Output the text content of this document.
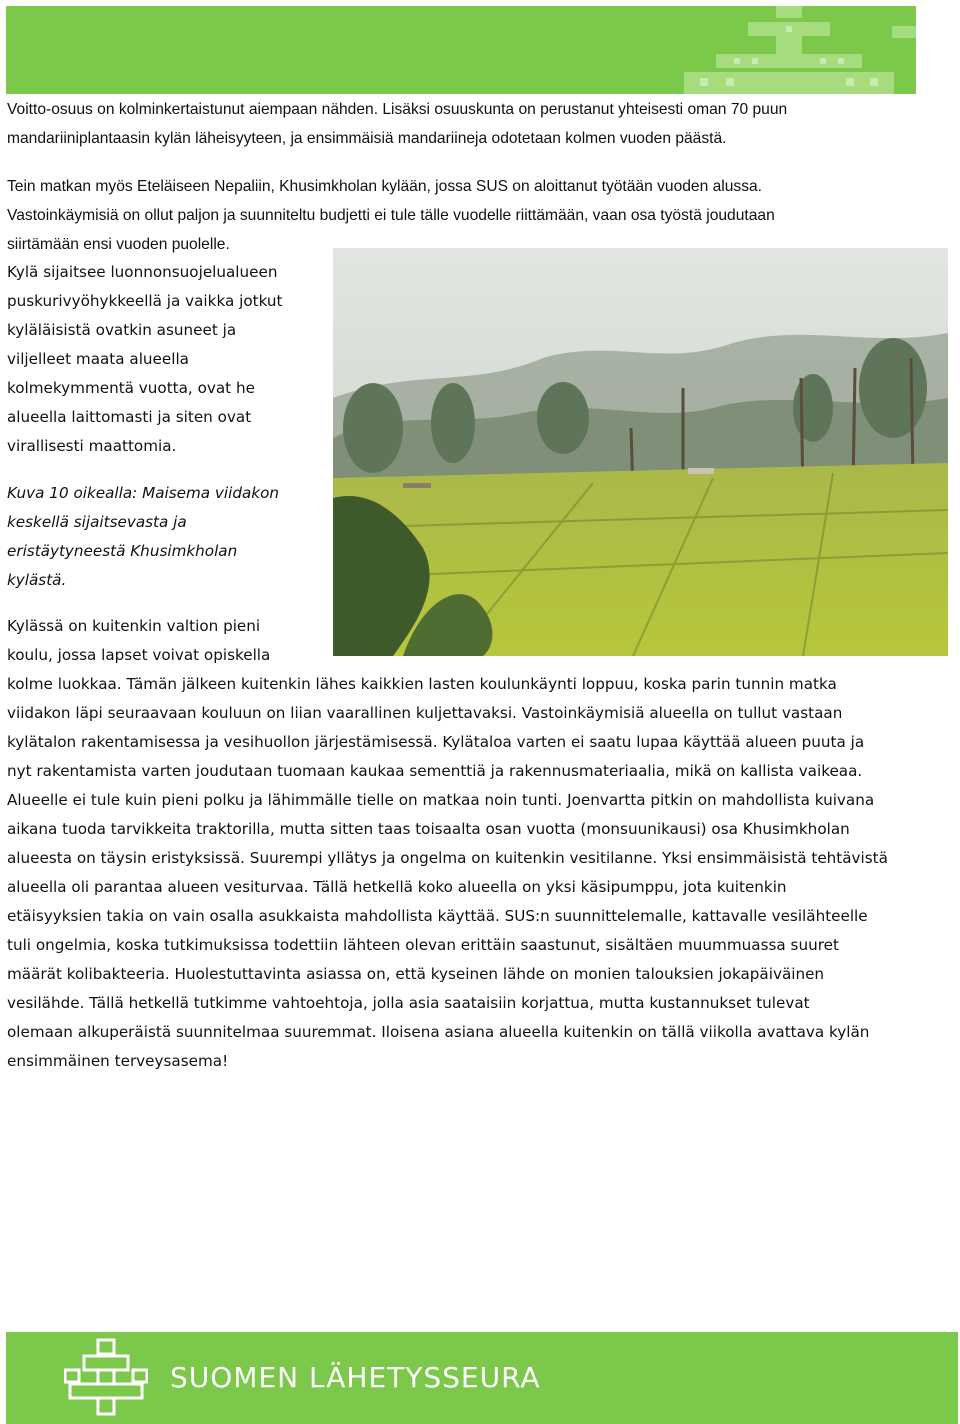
Voitto-osuus on kolminkertaistunut aiempaan nähden. Lisäksi osuuskunta on perustanut yhteisesti oman 70 puun
mandariiniplantaasin kylän läheisyyteen, ja ensimmäisiä mandariineja odotetaan kolmen vuoden päästä.

Tein matkan myös Eteläiseen Nepaliin, Khusimkholan kylään, jossa SUS on aloittanut työtään vuoden alussa.
Vastoinkäymisiä on ollut paljon ja suunniteltu budjetti ei tule tälle vuodelle riittämään, vaan osa työstä joudutaan
siirtämään ensi vuoden puolelle.

Kylä sijaitsee luonnonsuojelualueen
puskurivyöhykkeellä ja vaikka jotkut
kyläläisistä ovatkin asuneet ja
viljelleet maata alueella
kolmekymmentä vuotta, ovat he
alueella laittomasti ja siten ovat
virallisesti maattomia.

Kuva 10 oikealla: Maisema viidakon
keskellä sijaitsevasta ja
eristäytyneestä Khusimkholan
kylästä.

Kylässä on kuitenkin valtion pieni
koulu, jossa lapset voivat opiskella
kolme luokkaa. Tämän jälkeen kuitenkin lähes kaikkien lasten koulunkäynti loppuu, koska parin tunnin matka
viidakon läpi seuraavaan kouluun on liian vaarallinen kuljettavaksi. Vastoinkäymisiä alueella on tullut vastaan
kylätalon rakentamisessa ja vesihuollon järjestämisessä. Kylätaloa varten ei saatu lupaa käyttää alueen puuta ja
nyt rakentamista varten joudutaan tuomaan kaukaa sementtiä ja rakennusmateriaalia, mikä on kallista vaikeaa.
Alueelle ei tule kuin pieni polku ja lähimmälle tielle on matkaa noin tunti. Joenvartta pitkin on mahdollista kuivana
aikana tuoda tarvikkeita traktorilla, mutta sitten taas toisaalta osan vuotta (monsuunikausi) osa Khusimkholan
alueesta on täysin eristyksissä. Suurempi yllätys ja ongelma on kuitenkin vesitilanne. Yksi ensimmäisistä tehtävistä
alueella oli parantaa alueen vesiturvaa. Tällä hetkellä koko alueella on yksi käsipumppu, jota kuitenkin
etäisyyksien takia on vain osalla asukkaista mahdollista käyttää. SUS:n suunnittelemalle, kattavalle vesilähteelle
tuli ongelmia, koska tutkimuksissa todettiin lähteen olevan erittäin saastunut, sisältäen muummuassa suuret
määrät kolibakteeria. Huolestuttavinta asiassa on, että kyseinen lähde on monien talouksien jokapäiväinen
vesilähde. Tällä hetkellä tutkimme vahtoehtoja, jolla asia saataisiin korjattua, mutta kustannukset tulevat
olemaan alkuperäistä suunnitelmaa suuremmat. Iloisena asiana alueella kuitenkin on tällä viikolla avattava kylän
ensimmäinen terveysasema!

SUOMEN LÄHETYSSEURA
